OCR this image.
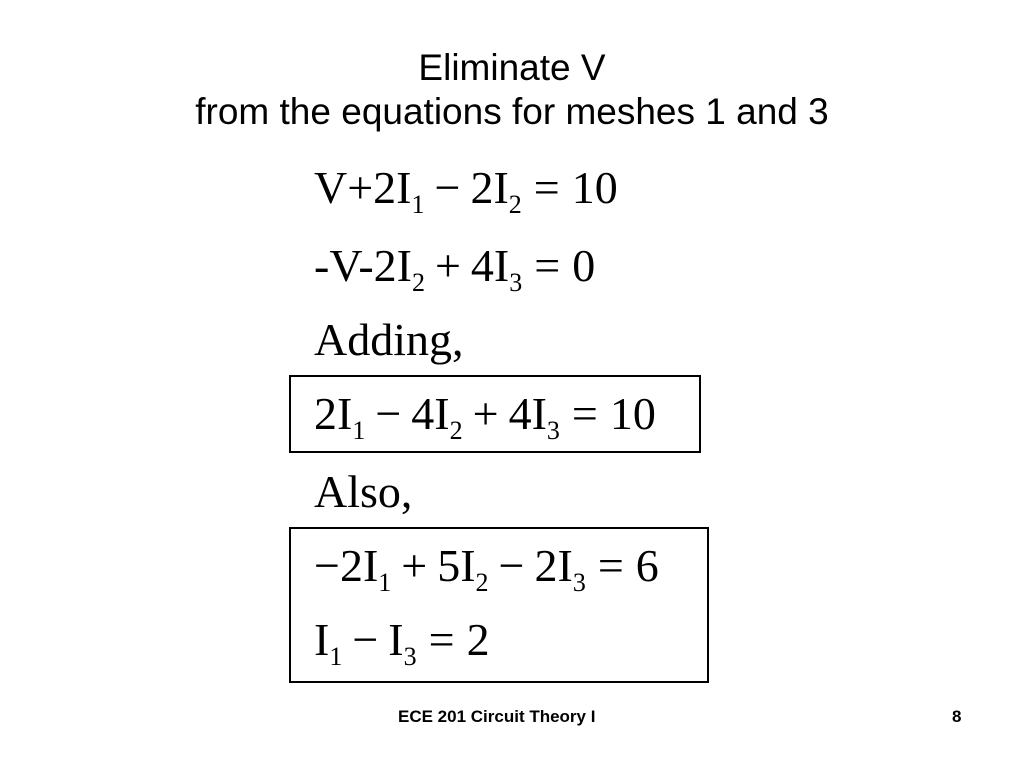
Eliminate V
from the equations for meshes 1 and 3
$V+2I_1 - 2I_2 = 10$
$-V-2I_2 + 4I_3 = 0$
Adding,
$2I_1 - 4I_2 + 4I_3 = 10$
Also,
$-2I_1 + 5I_2 - 2I_3 = 6$
$I_1 - I_3 = 2$
ECE 201 Circuit Theory I	8
